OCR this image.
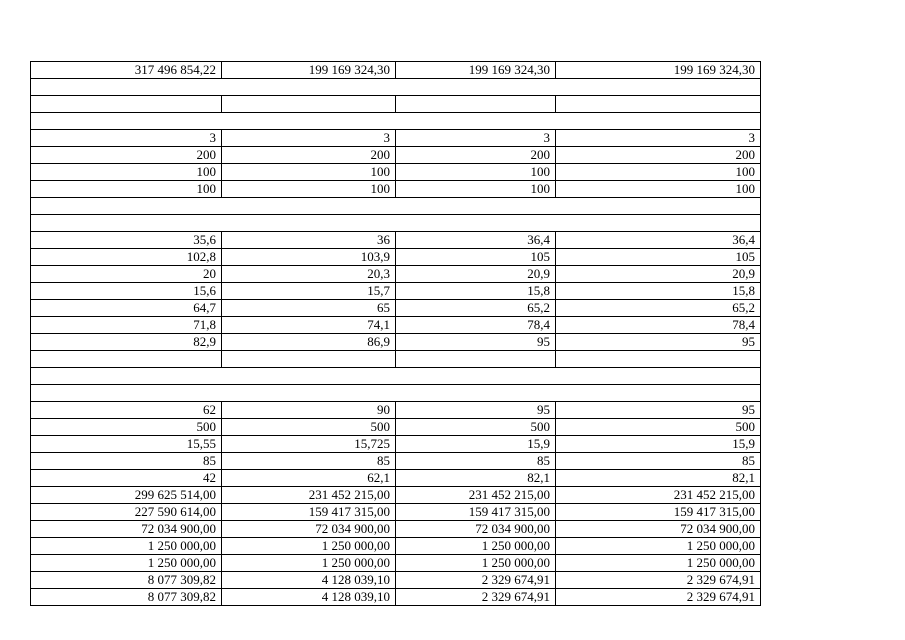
317 496 854,22	199 169 324,30	199 169 324,30	199 169 324,30

3	3	3	3
200	200	200	200
100	100	100	100
100	100	100	100

35,6	36	36,4	36,4
102,8	103,9	105	105
20	20,3	20,9	20,9
15,6	15,7	15,8	15,8
64,7	65	65,2	65,2
71,8	74,1	78,4	78,4
82,9	86,9	95	95

62	90	95	95
500	500	500	500
15,55	15,725	15,9	15,9
85	85	85	85
42	62,1	82,1	82,1
299 625 514,00	231 452 215,00	231 452 215,00	231 452 215,00
227 590 614,00	159 417 315,00	159 417 315,00	159 417 315,00
72 034 900,00	72 034 900,00	72 034 900,00	72 034 900,00
1 250 000,00	1 250 000,00	1 250 000,00	1 250 000,00
1 250 000,00	1 250 000,00	1 250 000,00	1 250 000,00
8 077 309,82	4 128 039,10	2 329 674,91	2 329 674,91
8 077 309,82	4 128 039,10	2 329 674,91	2 329 674,91
